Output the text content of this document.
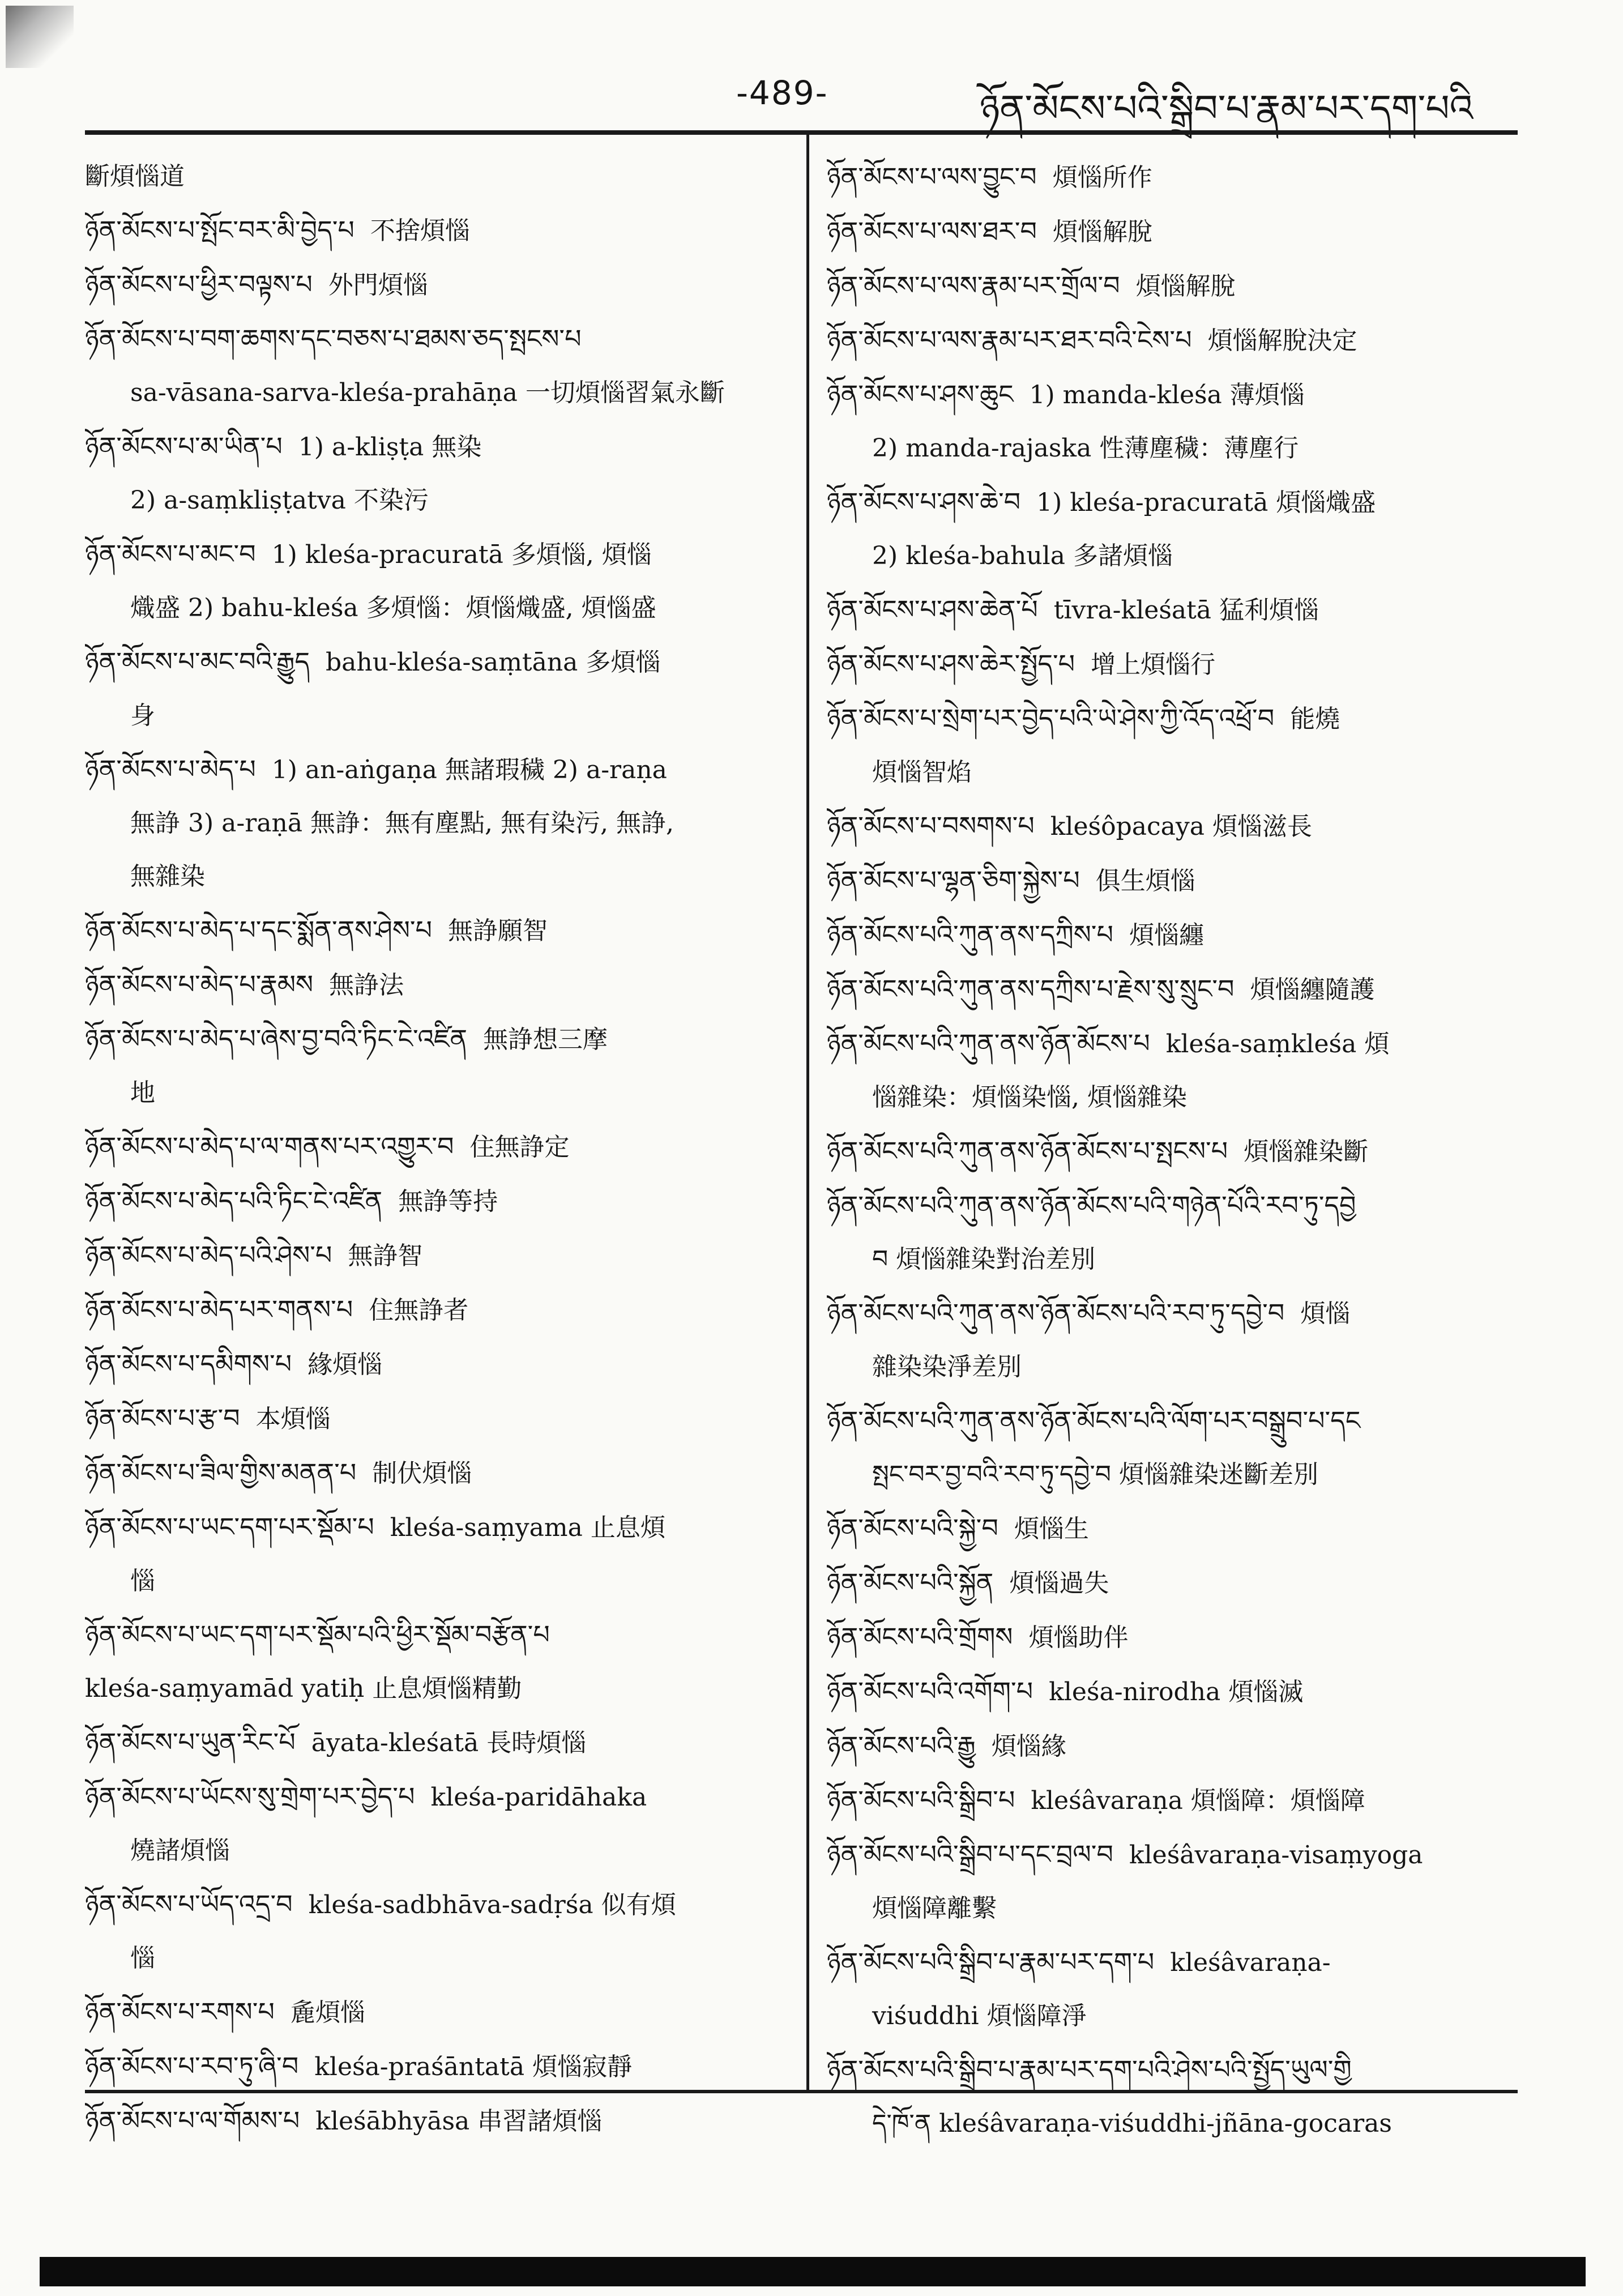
-489-	ཉོན་མོངས་པའི་སྒྲིབ་པ་རྣམ་པར་དག་པའི
斷煩惱道
ཉོན་མོངས་པ་སྤོང་བར་མི་བྱེད་པ 不捨煩惱
ཉོན་མོངས་པ་ཕྱིར་བལྟས་པ 外門煩惱
ཉོན་མོངས་པ་བག་ཆགས་དང་བཅས་པ་ཐམས་ཅད་སྤངས་པ
sa-vāsana-sarva-kleśa-prahāṇa 一切煩惱習氣永斷
ཉོན་མོངས་པ་མ་ཡིན་པ 1) a-kliṣṭa 無染
2) a-saṃkliṣṭatva 不染污
ཉོན་མོངས་པ་མང་བ 1) kleśa-pracuratā 多煩惱, 煩惱
熾盛 2) bahu-kleśa 多煩惱：煩惱熾盛, 煩惱盛
ཉོན་མོངས་པ་མང་བའི་རྒྱུད bahu-kleśa-saṃtāna 多煩惱
身
ཉོན་མོངས་པ་མེད་པ 1) an-aṅgaṇa 無諸瑕穢 2) a-raṇa
無諍 3) a-raṇā 無諍：無有塵點, 無有染污, 無諍,
無雜染
ཉོན་མོངས་པ་མེད་པ་དང་སྨོན་ནས་ཤེས་པ 無諍願智
ཉོན་མོངས་པ་མེད་པ་རྣམས 無諍法
ཉོན་མོངས་པ་མེད་པ་ཞེས་བྱ་བའི་ཏིང་ངེ་འཛིན 無諍想三摩
地
ཉོན་མོངས་པ་མེད་པ་ལ་གནས་པར་འགྱུར་བ 住無諍定
ཉོན་མོངས་པ་མེད་པའི་ཏིང་ངེ་འཛིན 無諍等持
ཉོན་མོངས་པ་མེད་པའི་ཤེས་པ 無諍智
ཉོན་མོངས་པ་མེད་པར་གནས་པ 住無諍者
ཉོན་མོངས་པ་དམིགས་པ 緣煩惱
ཉོན་མོངས་པ་རྩ་བ 本煩惱
ཉོན་མོངས་པ་ཟིལ་གྱིས་མནན་པ 制伏煩惱
ཉོན་མོངས་པ་ཡང་དག་པར་སྡོམ་པ kleśa-saṃyama 止息煩
惱
ཉོན་མོངས་པ་ཡང་དག་པར་སྡོམ་པའི་ཕྱིར་སྡོམ་བརྩོན་པ
kleśa-saṃyamād yatiḥ 止息煩惱精勤
ཉོན་མོངས་པ་ཡུན་རིང་པོ āyata-kleśatā 長時煩惱
ཉོན་མོངས་པ་ཡོངས་སུ་གྲེག་པར་བྱེད་པ kleśa-paridāhaka
燒諸煩惱
ཉོན་མོངས་པ་ཡོད་འདྲ་བ kleśa-sadbhāva-sadṛśa 似有煩
惱
ཉོན་མོངས་པ་རགས་པ 麁煩惱
ཉོན་མོངས་པ་རབ་ཏུ་ཞི་བ kleśa-praśāntatā 煩惱寂靜
ཉོན་མོངས་པ་ལ་གོམས་པ kleśābhyāsa 串習諸煩惱
ཉོན་མོངས་པ་ལས་བྱུང་བ 煩惱所作
ཉོན་མོངས་པ་ལས་ཐར་བ 煩惱解脫
ཉོན་མོངས་པ་ལས་རྣམ་པར་གྲོལ་བ 煩惱解脫
ཉོན་མོངས་པ་ལས་རྣམ་པར་ཐར་བའི་ངེས་པ 煩惱解脫決定
ཉོན་མོངས་པ་ཤས་ཆུང 1) manda-kleśa 薄煩惱
2) manda-rajaska 性薄塵穢：薄塵行
ཉོན་མོངས་པ་ཤས་ཆེ་བ 1) kleśa-pracuratā 煩惱熾盛
2) kleśa-bahula 多諸煩惱
ཉོན་མོངས་པ་ཤས་ཆེན་པོ tīvra-kleśatā 猛利煩惱
ཉོན་མོངས་པ་ཤས་ཆེར་སྤྱོད་པ 增上煩惱行
ཉོན་མོངས་པ་སྲེག་པར་བྱེད་པའི་ཡེ་ཤེས་ཀྱི་འོད་འཕྲོ་བ 能燒
煩惱智焰
ཉོན་མོངས་པ་བསགས་པ kleśôpacaya 煩惱滋長
ཉོན་མོངས་པ་ལྷན་ཅིག་སྐྱེས་པ 俱生煩惱
ཉོན་མོངས་པའི་ཀུན་ནས་དཀྲིས་པ 煩惱纏
ཉོན་མོངས་པའི་ཀུན་ནས་དཀྲིས་པ་རྗེས་སུ་སྲུང་བ 煩惱纏隨護
ཉོན་མོངས་པའི་ཀུན་ནས་ཉོན་མོངས་པ kleśa-saṃkleśa 煩
惱雜染：煩惱染惱, 煩惱雜染
ཉོན་མོངས་པའི་ཀུན་ནས་ཉོན་མོངས་པ་སྤངས་པ 煩惱雜染斷
ཉོན་མོངས་པའི་ཀུན་ནས་ཉོན་མོངས་པའི་གཉེན་པོའི་རབ་ཏུ་དབྱེ
བ 煩惱雜染對治差別
ཉོན་མོངས་པའི་ཀུན་ནས་ཉོན་མོངས་པའི་རབ་ཏུ་དབྱེ་བ 煩惱
雜染染淨差別
ཉོན་མོངས་པའི་ཀུན་ནས་ཉོན་མོངས་པའི་ལོག་པར་བསྒྲུབ་པ་དང
སྤང་བར་བྱ་བའི་རབ་ཏུ་དབྱེ་བ 煩惱雜染迷斷差別
ཉོན་མོངས་པའི་སྐྱེ་བ 煩惱生
ཉོན་མོངས་པའི་སྐྱོན 煩惱過失
ཉོན་མོངས་པའི་གྲོགས 煩惱助伴
ཉོན་མོངས་པའི་འགོག་པ kleśa-nirodha 煩惱滅
ཉོན་མོངས་པའི་རྒྱུ 煩惱緣
ཉོན་མོངས་པའི་སྒྲིབ་པ kleśâvaraṇa 煩惱障：煩惱障
ཉོན་མོངས་པའི་སྒྲིབ་པ་དང་བྲལ་བ kleśâvaraṇa-visaṃyoga
煩惱障離繫
ཉོན་མོངས་པའི་སྒྲིབ་པ་རྣམ་པར་དག་པ kleśâvaraṇa-
viśuddhi 煩惱障淨
ཉོན་མོངས་པའི་སྒྲིབ་པ་རྣམ་པར་དག་པའི་ཤེས་པའི་སྤྱོད་ཡུལ་གྱི
དེ་ཁོ་ན kleśâvaraṇa-viśuddhi-jñāna-gocaras
